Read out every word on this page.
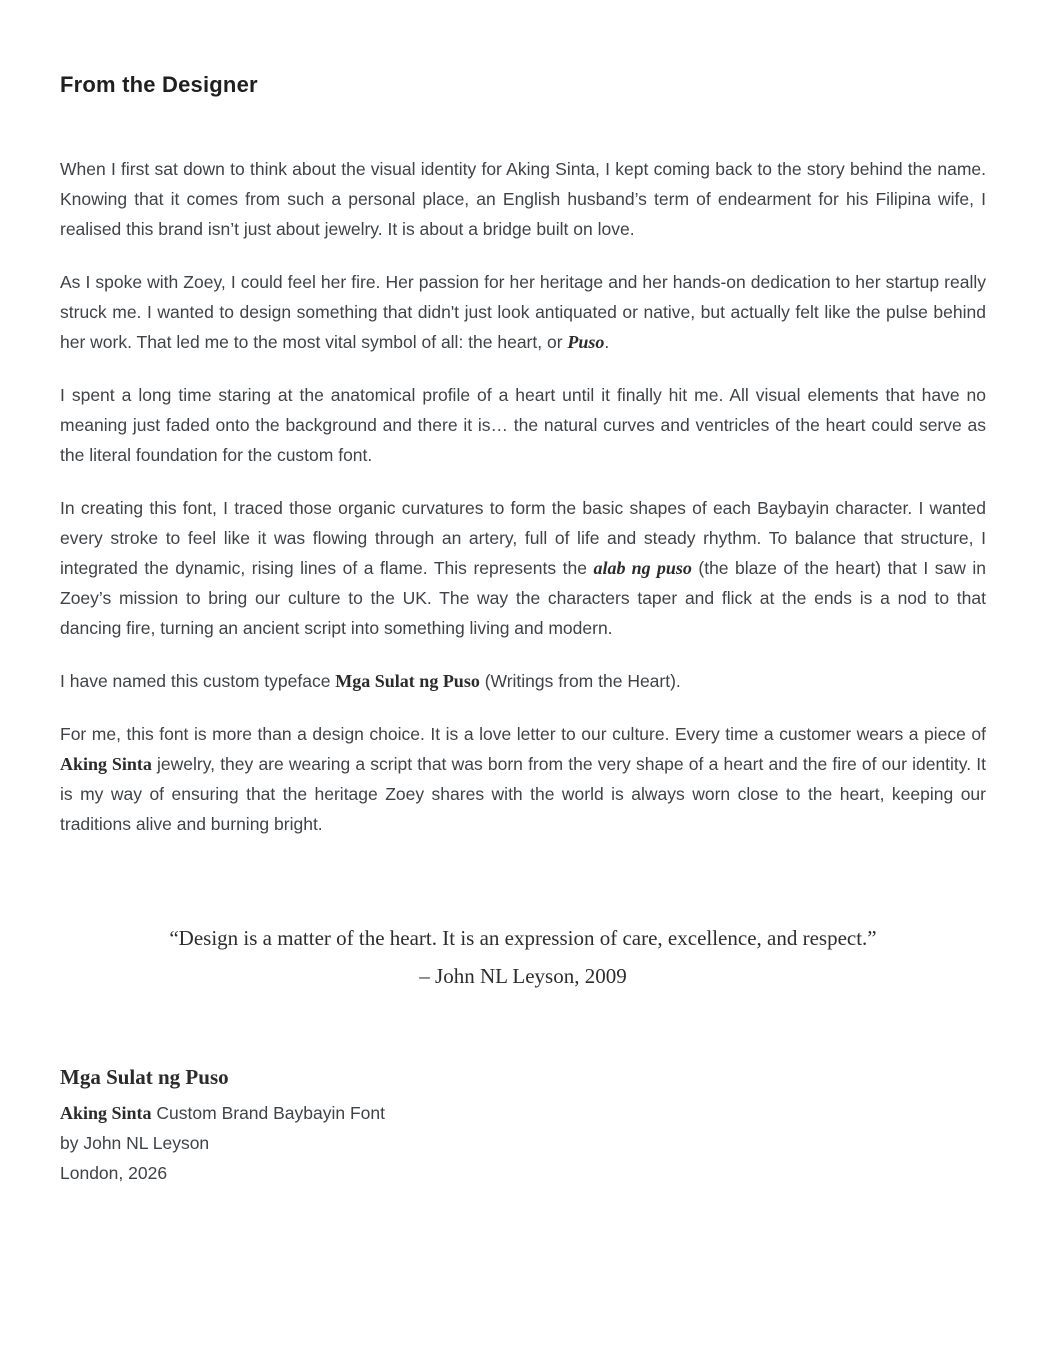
From the Designer

When I first sat down to think about the visual identity for Aking Sinta, I kept coming back to the story behind the name. Knowing that it comes from such a personal place, an English husband’s term of endearment for his Filipina wife, I realised this brand isn’t just about jewelry. It is about a bridge built on love.

As I spoke with Zoey, I could feel her fire. Her passion for her heritage and her hands-on dedication to her startup really struck me. I wanted to design something that didn't just look antiquated or native, but actually felt like the pulse behind her work. That led me to the most vital symbol of all: the heart, or Puso.

I spent a long time staring at the anatomical profile of a heart until it finally hit me. All visual elements that have no meaning just faded onto the background and there it is… the natural curves and ventricles of the heart could serve as the literal foundation for the custom font.

In creating this font, I traced those organic curvatures to form the basic shapes of each Baybayin character. I wanted every stroke to feel like it was flowing through an artery, full of life and steady rhythm. To balance that structure, I integrated the dynamic, rising lines of a flame. This represents the alab ng puso (the blaze of the heart) that I saw in Zoey’s mission to bring our culture to the UK. The way the characters taper and flick at the ends is a nod to that dancing fire, turning an ancient script into something living and modern.

I have named this custom typeface Mga Sulat ng Puso (Writings from the Heart).

For me, this font is more than a design choice. It is a love letter to our culture. Every time a customer wears a piece of Aking Sinta jewelry, they are wearing a script that was born from the very shape of a heart and the fire of our identity. It is my way of ensuring that the heritage Zoey shares with the world is always worn close to the heart, keeping our traditions alive and burning bright.

“Design is a matter of the heart. It is an expression of care, excellence, and respect.”
– John NL Leyson, 2009
Mga Sulat ng Puso
Aking Sinta Custom Brand Baybayin Font
by John NL Leyson
London, 2026
